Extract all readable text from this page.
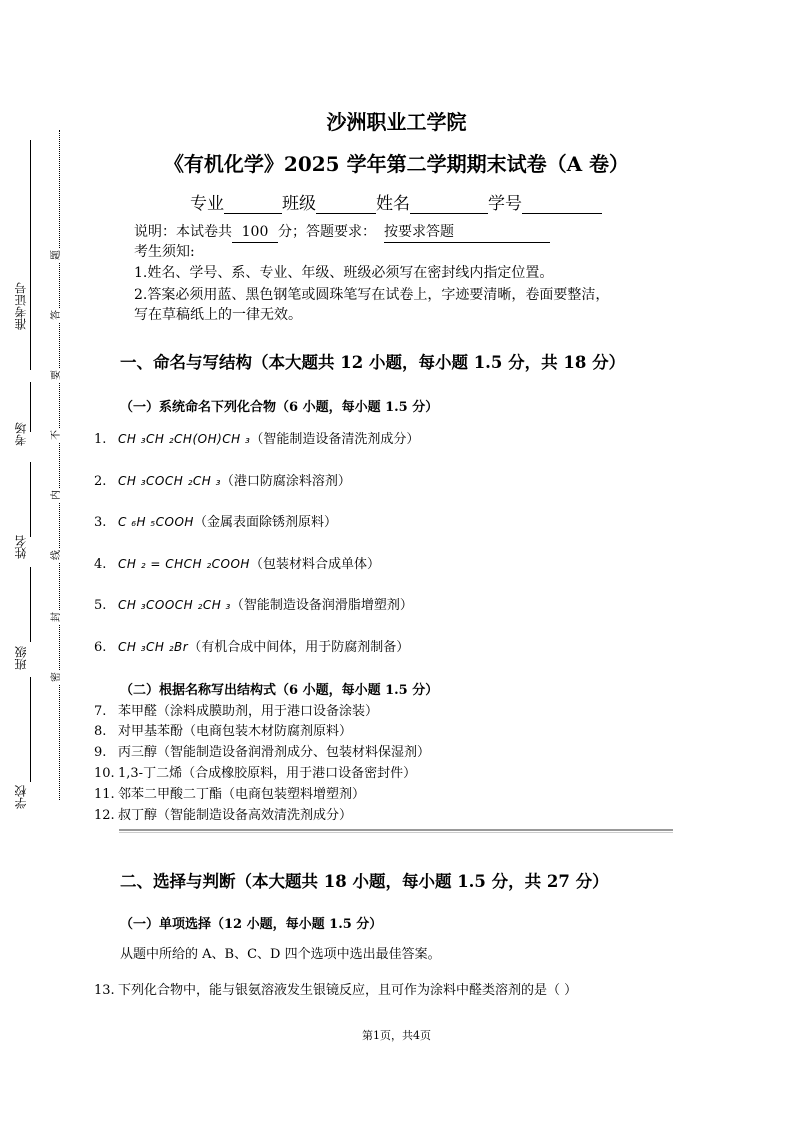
准考证号
考场
姓名
班级
学校
题
答
要
不
内
线
封
密
沙洲职业工学院
《有机化学》2025 学年第二学期期末试卷（A 卷）
专业	班级	姓名	学号
说明：本试卷共 100 分；答题要求： 按要求答题
考生须知:
1.姓名、学号、系、专业、年级、班级必须写在密封线内指定位置。
2.答案必须用蓝、黑色钢笔或圆珠笔写在试卷上，字迹要清晰，卷面要整洁，
写在草稿纸上的一律无效。
一、命名与写结构（本大题共 12 小题，每小题 1.5 分，共 18 分）
（一）系统命名下列化合物（6 小题，每小题 1.5 分）
1. CH ₃CH ₂CH(OH)CH ₃（智能制造设备清洗剂成分）
2. CH ₃COCH ₂CH ₃（港口防腐涂料溶剂）
3. C ₆H ₅COOH（金属表面除锈剂原料）
4. CH ₂ = CHCH ₂COOH（包装材料合成单体）
5. CH ₃COOCH ₂CH ₃（智能制造设备润滑脂增塑剂）
6. CH ₃CH ₂Br（有机合成中间体，用于防腐剂制备）
（二）根据名称写出结构式（6 小题，每小题 1.5 分）
7. 苯甲醛（涂料成膜助剂，用于港口设备涂装）
8. 对甲基苯酚（电商包装木材防腐剂原料）
9. 丙三醇（智能制造设备润滑剂成分、包装材料保湿剂）
10. 1,3-丁二烯（合成橡胶原料，用于港口设备密封件）
11. 邻苯二甲酸二丁酯（电商包装塑料增塑剂）
12. 叔丁醇（智能制造设备高效清洗剂成分）
二、选择与判断（本大题共 18 小题，每小题 1.5 分，共 27 分）
（一）单项选择（12 小题，每小题 1.5 分）
从题中所给的 A、B、C、D 四个选项中选出最佳答案。
13. 下列化合物中，能与银氨溶液发生银镜反应，且可作为涂料中醛类溶剂的是（ ）
第1页，共4页
